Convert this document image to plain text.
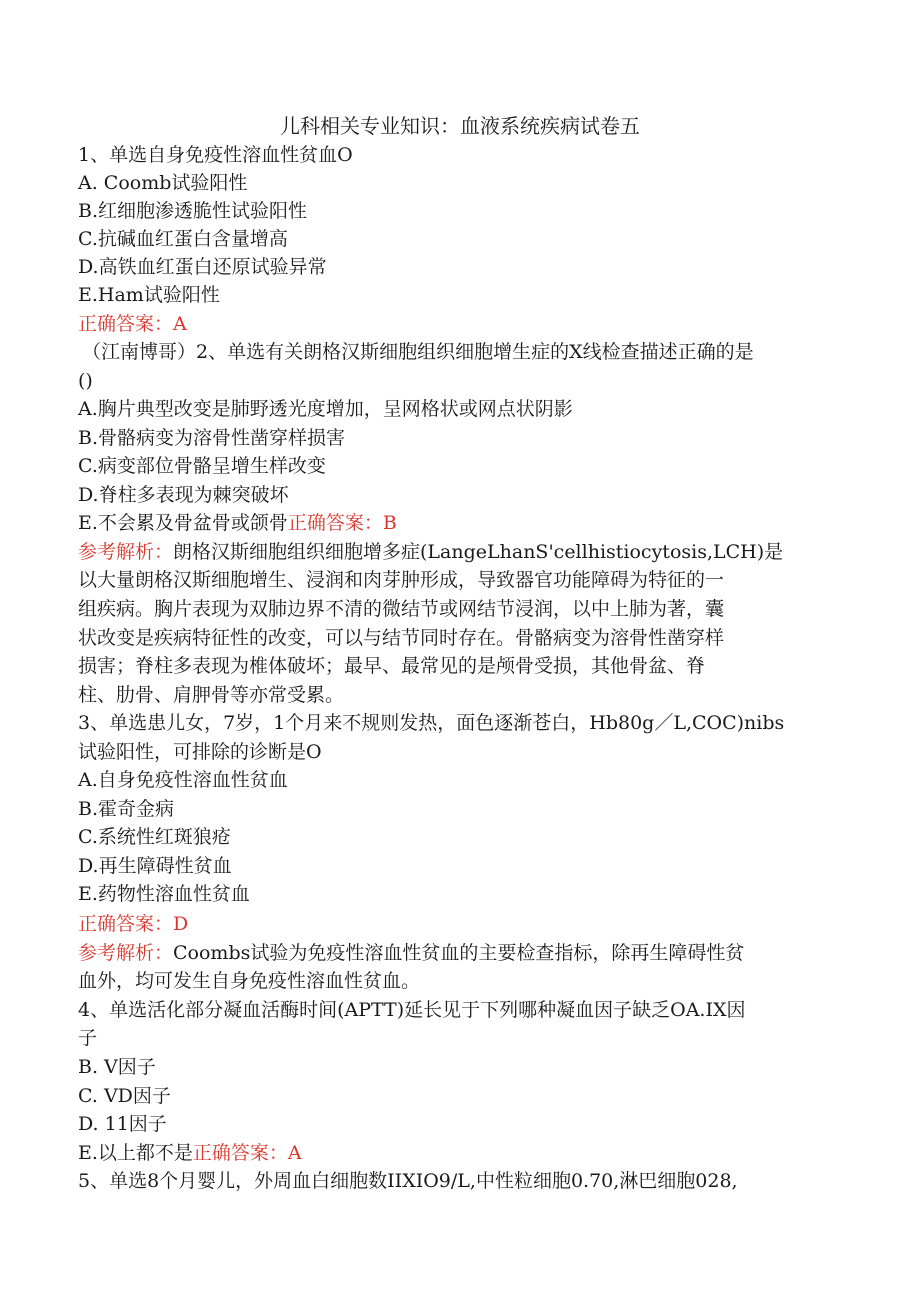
儿科相关专业知识：血液系统疾病试卷五
1、单选自身免疫性溶血性贫血O
A. Coomb试验阳性
B.红细胞渗透脆性试验阳性
C.抗碱血红蛋白含量增高
D.高铁血红蛋白还原试验异常
E.Ham试验阳性
正确答案：A
（江南博哥）2、单选有关朗格汉斯细胞组织细胞增生症的X线检查描述正确的是
()
A.胸片典型改变是肺野透光度增加，呈网格状或网点状阴影
B.骨骼病变为溶骨性凿穿样损害
C.病变部位骨骼呈增生样改变
D.脊柱多表现为棘突破坏
E.不会累及骨盆骨或颌骨正确答案：B
参考解析：朗格汉斯细胞组织细胞增多症(LangeLhanS'cellhistiocytosis,LCH)是
以大量朗格汉斯细胞增生、浸润和肉芽肿形成，导致器官功能障碍为特征的一
组疾病。胸片表现为双肺边界不清的微结节或网结节浸润，以中上肺为著，囊
状改变是疾病特征性的改变，可以与结节同时存在。骨骼病变为溶骨性凿穿样
损害；脊柱多表现为椎体破坏；最早、最常见的是颅骨受损，其他骨盆、脊
柱、肋骨、肩胛骨等亦常受累。
3、单选患儿女，7岁，1个月来不规则发热，面色逐渐苍白，Hb80g／L,COC)nibs
试验阳性，可排除的诊断是O
A.自身免疫性溶血性贫血
B.霍奇金病
C.系统性红斑狼疮
D.再生障碍性贫血
E.药物性溶血性贫血
正确答案：D
参考解析：Coombs试验为免疫性溶血性贫血的主要检查指标，除再生障碍性贫
血外，均可发生自身免疫性溶血性贫血。
4、单选活化部分凝血活酶时间(APTT)延长见于下列哪种凝血因子缺乏OA.IX因
子
B. V因子
C. VD因子
D. 11因子
E.以上都不是正确答案：A
5、单选8个月婴儿，外周血白细胞数IIXIO9/L,中性粒细胞0.70,淋巴细胞028,
